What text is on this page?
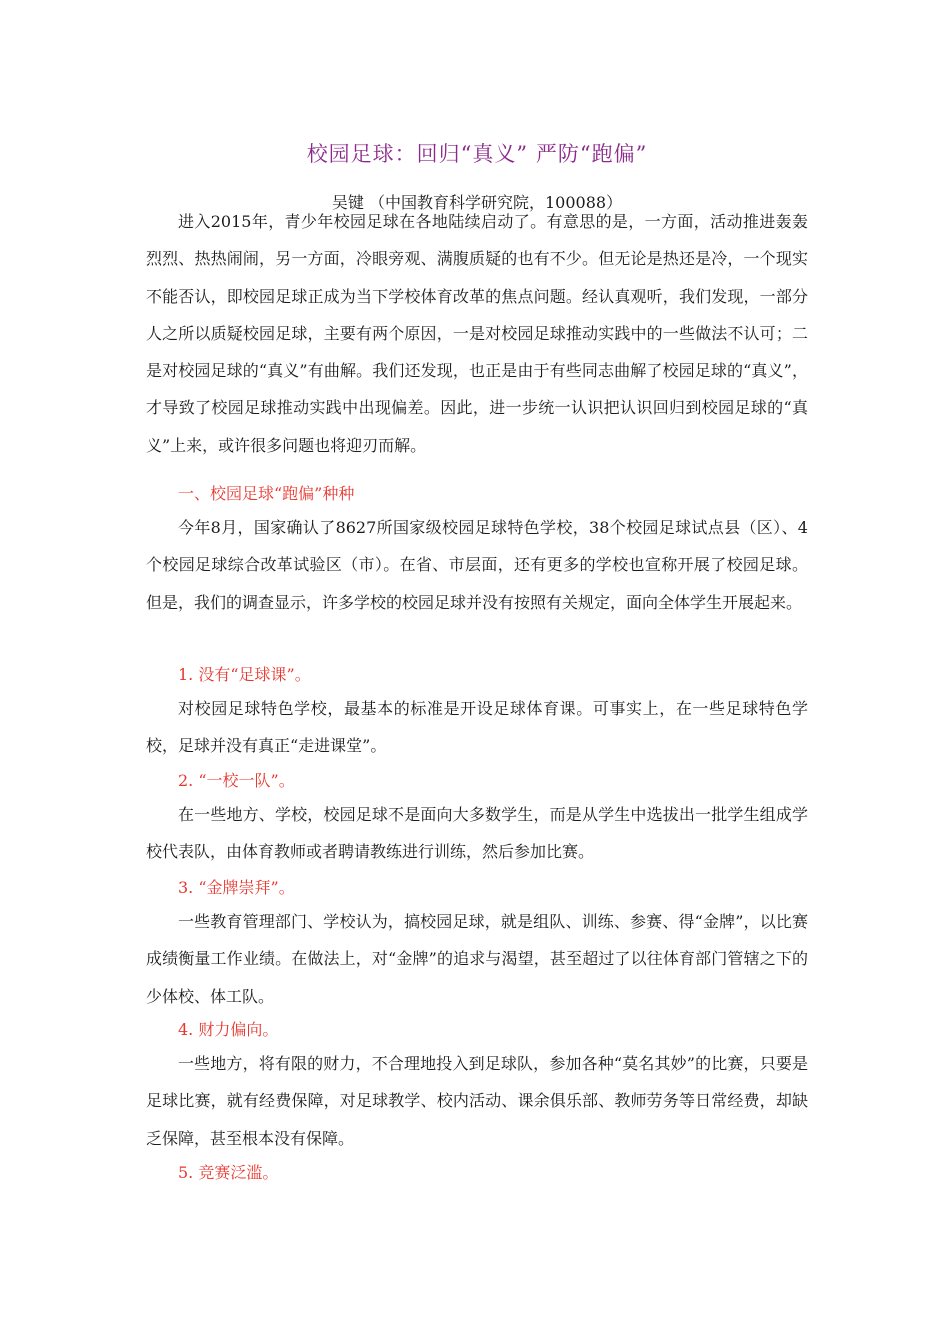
校园足球：回归“真义” 严防“跑偏”
吴键 （中国教育科学研究院，100088）

进入2015年，青少年校园足球在各地陆续启动了。有意思的是，一方面，活动推进轰轰烈烈、热热闹闹，另一方面，冷眼旁观、满腹质疑的也有不少。但无论是热还是冷，一个现实不能否认，即校园足球正成为当下学校体育改革的焦点问题。经认真观听，我们发现，一部分人之所以质疑校园足球，主要有两个原因，一是对校园足球推动实践中的一些做法不认可；二是对校园足球的“真义”有曲解。我们还发现，也正是由于有些同志曲解了校园足球的“真义”，才导致了校园足球推动实践中出现偏差。因此，进一步统一认识把认识回归到校园足球的“真义”上来，或许很多问题也将迎刃而解。

一、校园足球“跑偏”种种

今年8月，国家确认了8627所国家级校园足球特色学校，38个校园足球试点县（区）、4个校园足球综合改革试验区（市）。在省、市层面，还有更多的学校也宣称开展了校园足球。但是，我们的调查显示，许多学校的校园足球并没有按照有关规定，面向全体学生开展起来。

1. 没有“足球课”。

对校园足球特色学校，最基本的标准是开设足球体育课。可事实上，在一些足球特色学校，足球并没有真正“走进课堂”。

2. “一校一队”。

在一些地方、学校，校园足球不是面向大多数学生，而是从学生中选拔出一批学生组成学校代表队，由体育教师或者聘请教练进行训练，然后参加比赛。

3. “金牌崇拜”。

一些教育管理部门、学校认为，搞校园足球，就是组队、训练、参赛、得“金牌”，以比赛成绩衡量工作业绩。在做法上，对“金牌”的追求与渴望，甚至超过了以往体育部门管辖之下的少体校、体工队。

4. 财力偏向。

一些地方，将有限的财力，不合理地投入到足球队，参加各种“莫名其妙”的比赛，只要是足球比赛，就有经费保障，对足球教学、校内活动、课余俱乐部、教师劳务等日常经费，却缺乏保障，甚至根本没有保障。

5. 竞赛泛滥。
